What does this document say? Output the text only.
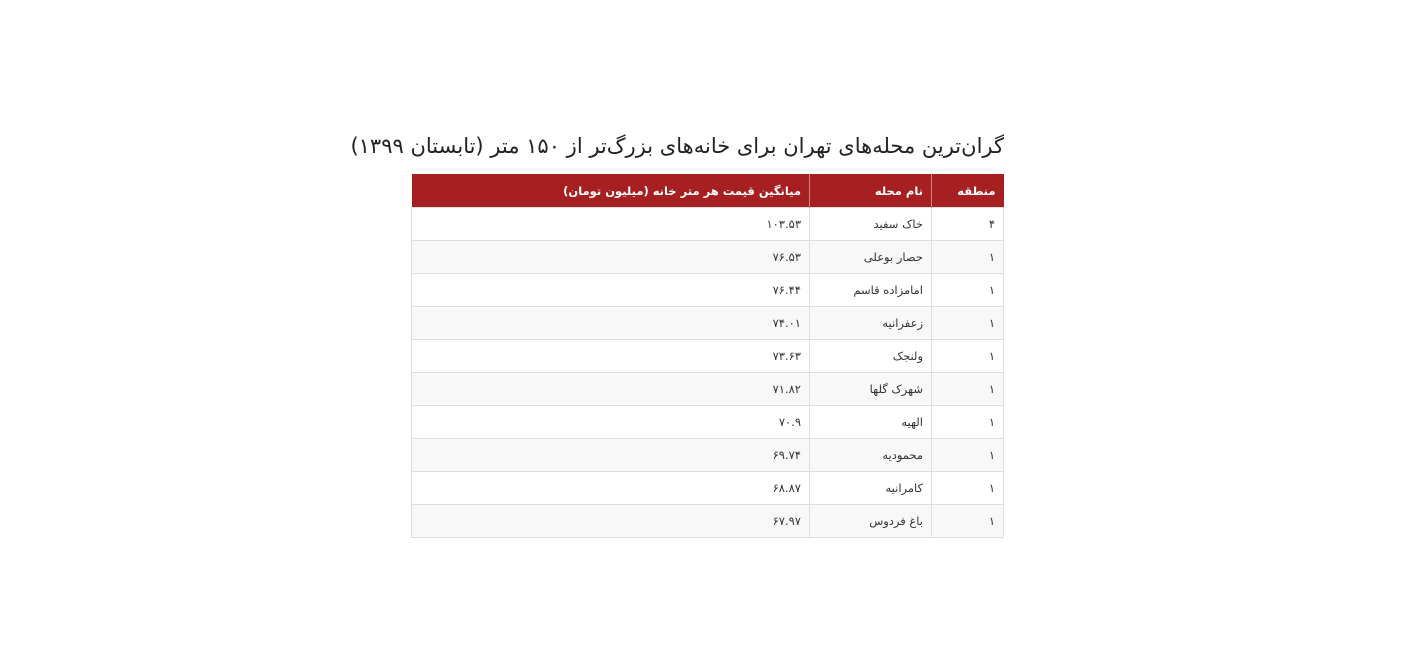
گران‌ترین محله‌های تهران برای خانه‌های بزرگ‌تر از ۱۵۰ متر (تابستان ۱۳۹۹)
منطقه	نام محله	میانگین قیمت هر متر خانه (میلیون تومان)
۴	خاک سفید	۱۰۳.۵۳
۱	حصار بوعلی	۷۶.۵۳
۱	امامزاده قاسم	۷۶.۴۴
۱	زعفرانیه	۷۴.۰۱
۱	ولنجک	۷۳.۶۳
۱	شهرک گلها	۷۱.۸۲
۱	الهیه	۷۰.۹
۱	محمودیه	۶۹.۷۴
۱	کامرانیه	۶۸.۸۷
۱	باغ فردوس	۶۷.۹۷
